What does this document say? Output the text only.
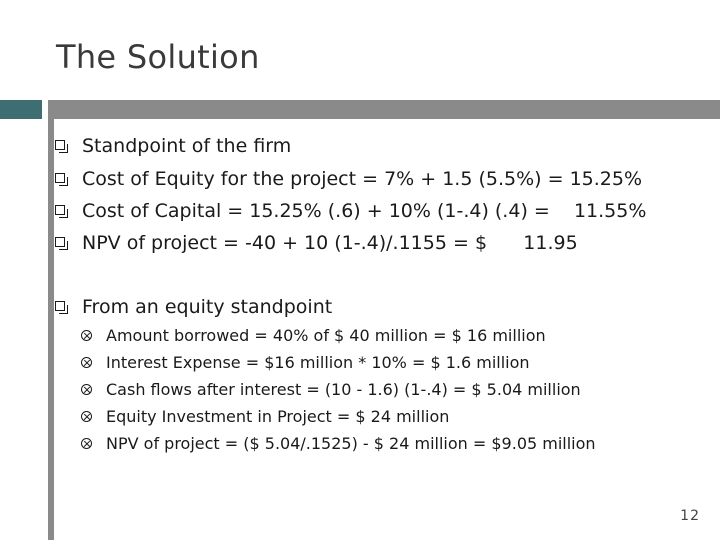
The Solution
Standpoint of the firm
Cost of Equity for the project = 7% + 1.5 (5.5%) = 15.25%
Cost of Capital = 15.25% (.6) + 10% (1-.4) (.4) =    11.55%
NPV of project = -40 + 10 (1-.4)/.1155 = $      11.95
From an equity standpoint
Amount borrowed = 40% of $ 40 million = $ 16 million
Interest Expense = $16 million * 10% = $ 1.6 million
Cash flows after interest = (10 - 1.6) (1-.4) = $ 5.04 million
Equity Investment in Project = $ 24 million
NPV of project = ($ 5.04/.1525) - $ 24 million = $9.05 million
12
